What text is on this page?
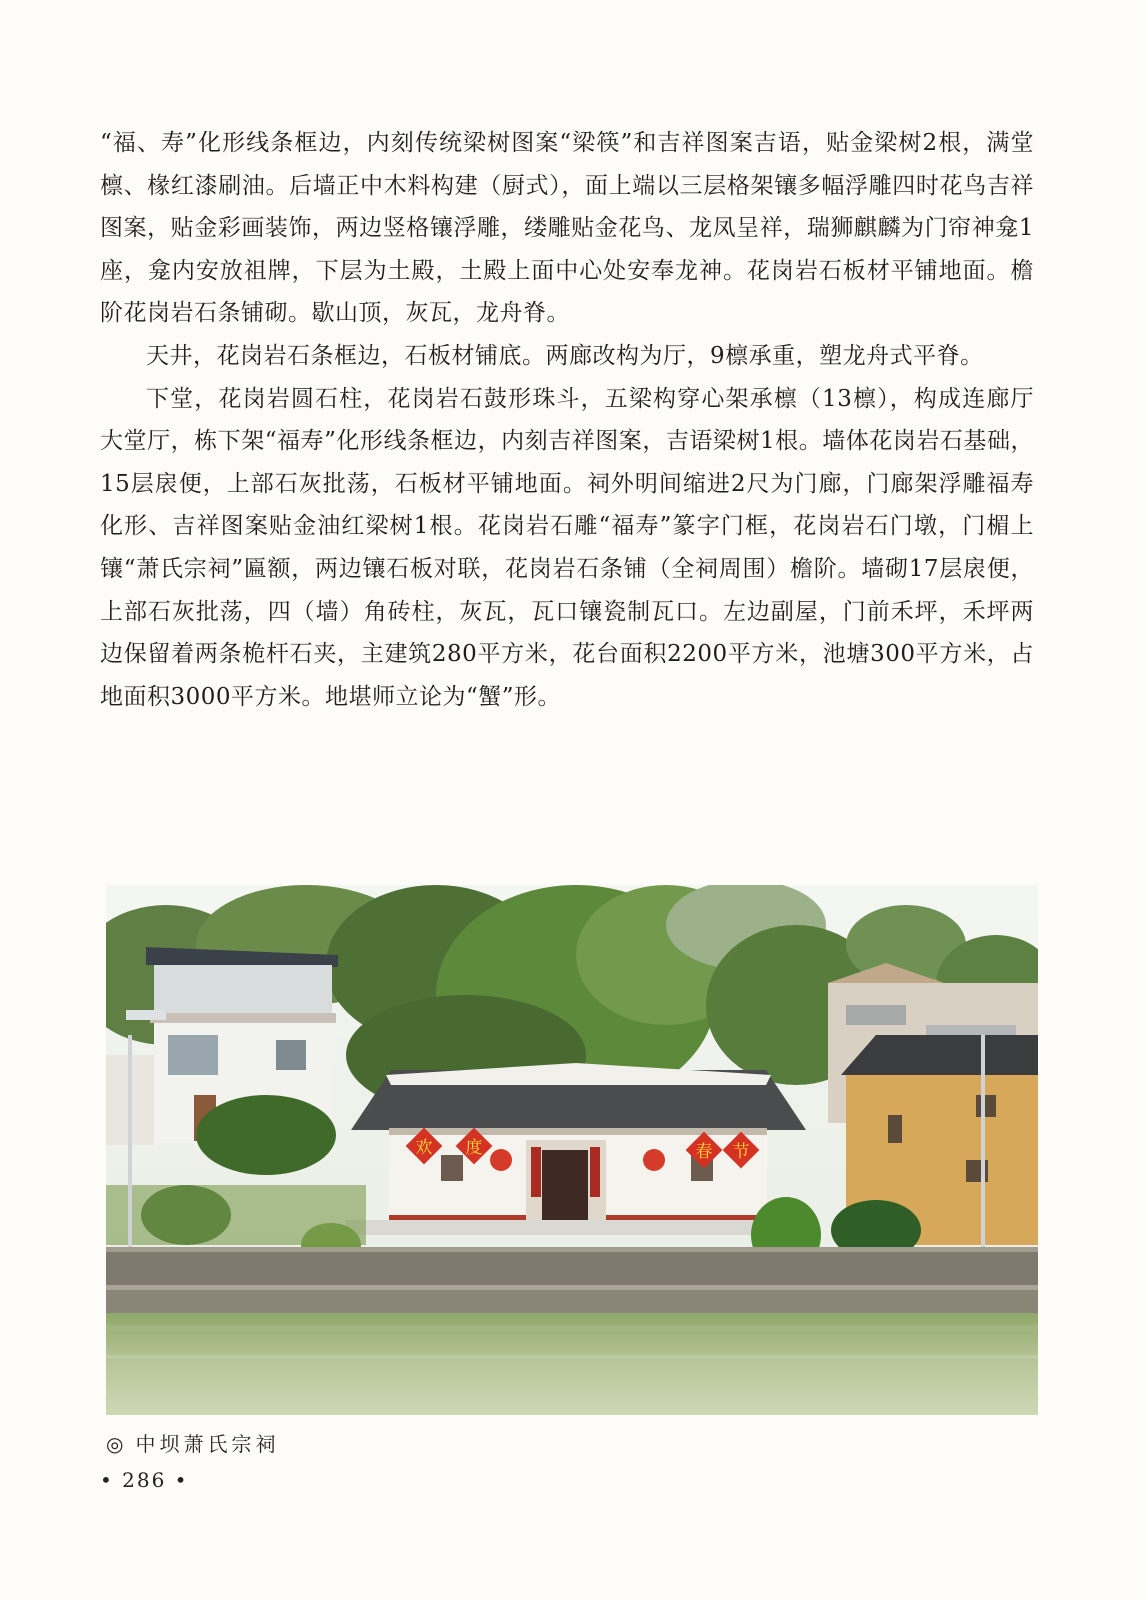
“福、寿”化形线条框边，内刻传统梁树图案“梁筷”和吉祥图案吉语，贴金梁树2根，满堂檩、椽红漆刷油。后墙正中木料构建（厨式），面上端以三层格架镶多幅浮雕四时花鸟吉祥图案，贴金彩画装饰，两边竖格镶浮雕，缕雕贴金花鸟、龙凤呈祥，瑞狮麒麟为门帘神龛1座，龛内安放祖牌，下层为土殿，土殿上面中心处安奉龙神。花岗岩石板材平铺地面。檐阶花岗岩石条铺砌。歇山顶，灰瓦，龙舟脊。

天井，花岗岩石条框边，石板材铺底。两廊改构为厅，9檩承重，塑龙舟式平脊。

下堂，花岗岩圆石柱，花岗岩石鼓形珠斗，五梁构穿心架承檩（13檩），构成连廊厅大堂厅，栋下架“福寿”化形线条框边，内刻吉祥图案，吉语梁树1根。墙体花岗岩石基础，15层扆便，上部石灰批荡，石板材平铺地面。祠外明间缩进2尺为门廊，门廊架浮雕福寿化形、吉祥图案贴金油红梁树1根。花岗岩石雕“福寿”篆字门框，花岗岩石门墩，门楣上镶“萧氏宗祠”匾额，两边镶石板对联，花岗岩石条铺（全祠周围）檐阶。墙砌17层扆便，上部石灰批荡，四（墙）角砖柱，灰瓦，瓦口镶瓷制瓦口。左边副屋，门前禾坪，禾坪两边保留着两条桅杆石夹，主建筑280平方米，花台面积2200平方米，池塘300平方米，占地面积3000平方米。地堪师立论为“蟹”形。

欢 度	春 节
◎ 中坝萧氏宗祠
• 286 •
